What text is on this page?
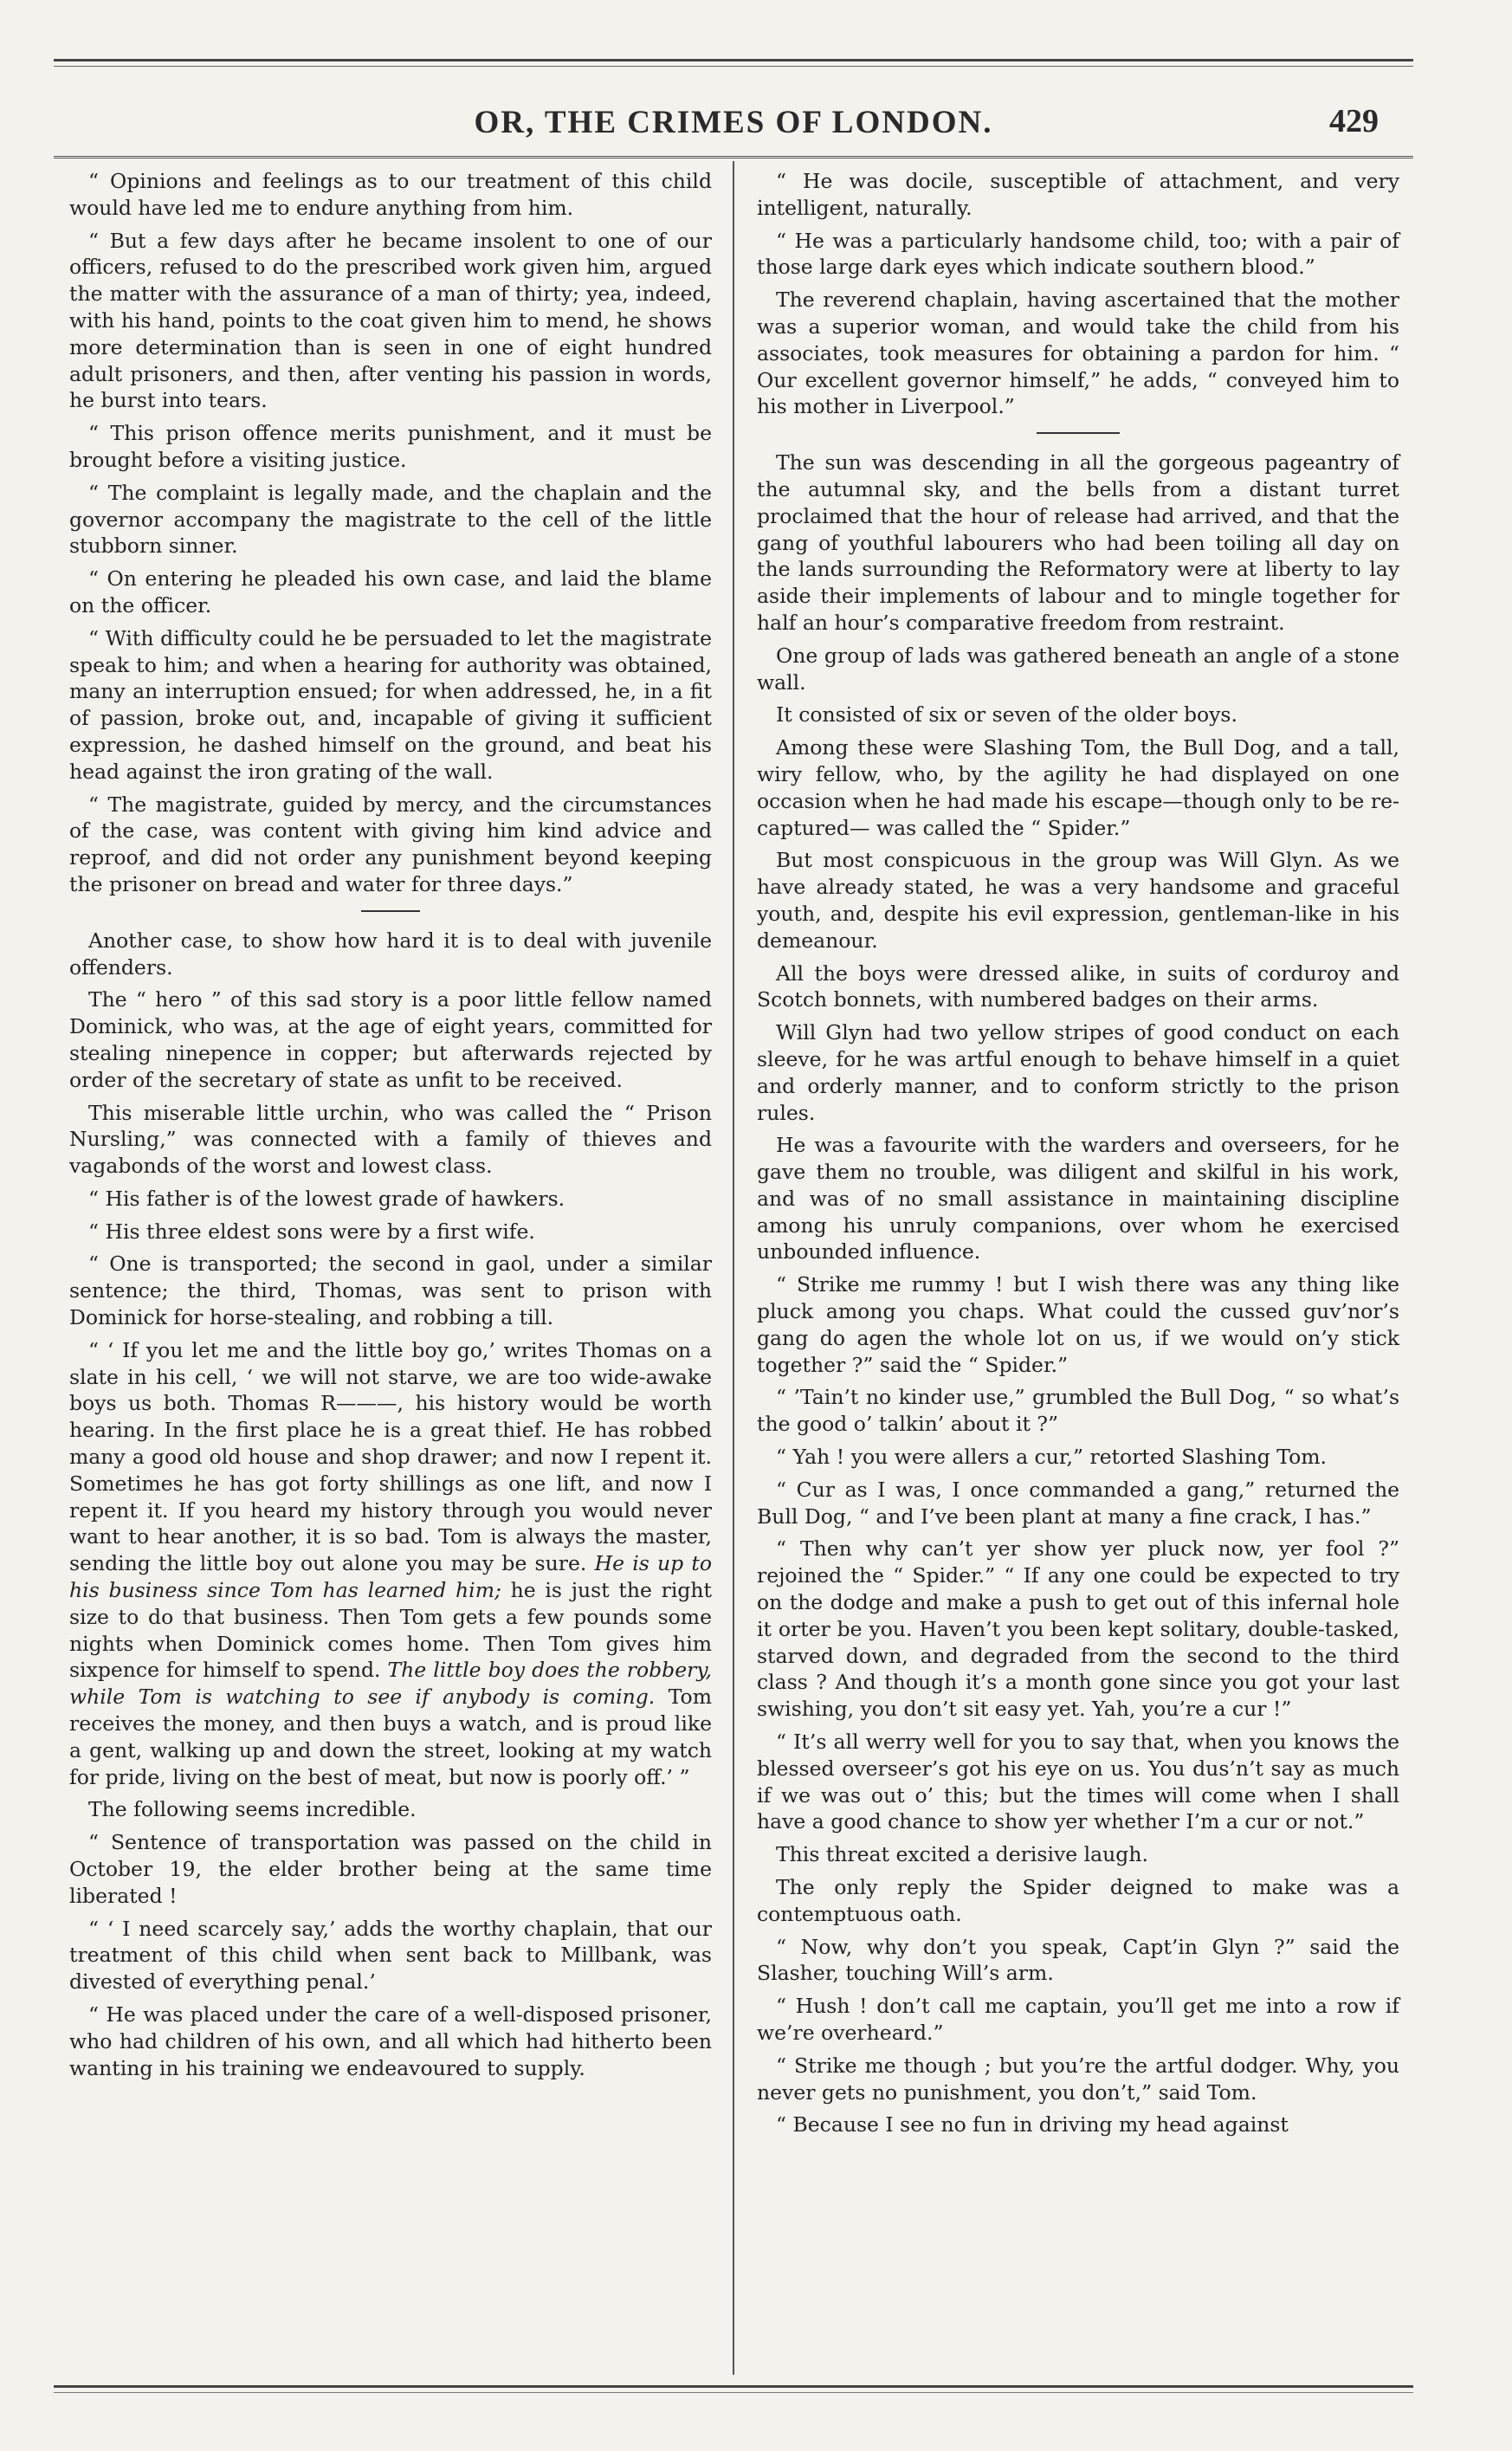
OR, THE CRIMES OF LONDON.	429

“ Opinions and feelings as to our treatment of this child would have led me to endure anything from him.

“ But a few days after he became insolent to one of our officers, refused to do the prescribed work given him, argued the matter with the assurance of a man of thirty; yea, indeed, with his hand, points to the coat given him to mend, he shows more determination than is seen in one of eight hundred adult prisoners, and then, after venting his passion in words, he burst into tears.

“ This prison offence merits punishment, and it must be brought before a visiting justice.

“ The complaint is legally made, and the chaplain and the governor accompany the magistrate to the cell of the little stubborn sinner.

“ On entering he pleaded his own case, and laid the blame on the officer.

“ With difficulty could he be persuaded to let the magistrate speak to him; and when a hearing for authority was obtained, many an interruption ensued; for when addressed, he, in a fit of passion, broke out, and, incapable of giving it sufficient expression, he dashed himself on the ground, and beat his head against the iron grating of the wall.

“ The magistrate, guided by mercy, and the circumstances of the case, was content with giving him kind advice and reproof, and did not order any punishment beyond keeping the prisoner on bread and water for three days.”

Another case, to show how hard it is to deal with juvenile offenders.

The “ hero ” of this sad story is a poor little fellow named Dominick, who was, at the age of eight years, committed for stealing ninepence in copper; but afterwards rejected by order of the secretary of state as unfit to be received.

This miserable little urchin, who was called the “ Prison Nursling,” was connected with a family of thieves and vagabonds of the worst and lowest class.

“ His father is of the lowest grade of hawkers.

“ His three eldest sons were by a first wife.

“ One is transported; the second in gaol, under a similar sentence; the third, Thomas, was sent to prison with Dominick for horse-stealing, and robbing a till.

“ ‘ If you let me and the little boy go,’ writes Thomas on a slate in his cell, ‘ we will not starve, we are too wide-awake boys us both. Thomas R———, his history would be worth hearing. In the first place he is a great thief. He has robbed many a good old house and shop drawer; and now I repent it. Sometimes he has got forty shillings as one lift, and now I repent it. If you heard my history through you would never want to hear another, it is so bad. Tom is always the master, sending the little boy out alone you may be sure. He is up to his business since Tom has learned him; he is just the right size to do that business. Then Tom gets a few pounds some nights when Dominick comes home. Then Tom gives him sixpence for himself to spend. The little boy does the robbery, while Tom is watching to see if anybody is coming. Tom receives the money, and then buys a watch, and is proud like a gent, walking up and down the street, looking at my watch for pride, living on the best of meat, but now is poorly off.’ ”

The following seems incredible.

“ Sentence of transportation was passed on the child in October 19, the elder brother being at the same time liberated !

“ ‘ I need scarcely say,’ adds the worthy chaplain, that our treatment of this child when sent back to Millbank, was divested of everything penal.’

“ He was placed under the care of a well-disposed prisoner, who had children of his own, and all which had hitherto been wanting in his training we endeavoured to supply.

“ He was docile, susceptible of attachment, and very intelligent, naturally.

“ He was a particularly handsome child, too; with a pair of those large dark eyes which indicate southern blood.”

The reverend chaplain, having ascertained that the mother was a superior woman, and would take the child from his associates, took measures for obtaining a pardon for him. “ Our excellent governor himself,” he adds, “ conveyed him to his mother in Liverpool.”

The sun was descending in all the gorgeous pageantry of the autumnal sky, and the bells from a distant turret proclaimed that the hour of release had arrived, and that the gang of youthful labourers who had been toiling all day on the lands surrounding the Reformatory were at liberty to lay aside their implements of labour and to mingle together for half an hour’s comparative freedom from restraint.

One group of lads was gathered beneath an angle of a stone wall.

It consisted of six or seven of the older boys.

Among these were Slashing Tom, the Bull Dog, and a tall, wiry fellow, who, by the agility he had displayed on one occasion when he had made his escape—though only to be re-captured— was called the “ Spider.”

But most conspicuous in the group was Will Glyn. As we have already stated, he was a very handsome and graceful youth, and, despite his evil expression, gentleman-like in his demeanour.

All the boys were dressed alike, in suits of corduroy and Scotch bonnets, with numbered badges on their arms.

Will Glyn had two yellow stripes of good conduct on each sleeve, for he was artful enough to behave himself in a quiet and orderly manner, and to conform strictly to the prison rules.

He was a favourite with the warders and overseers, for he gave them no trouble, was diligent and skilful in his work, and was of no small assistance in maintaining discipline among his unruly companions, over whom he exercised unbounded influence.

“ Strike me rummy ! but I wish there was any thing like pluck among you chaps. What could the cussed guv’nor’s gang do agen the whole lot on us, if we would on’y stick together ?” said the “ Spider.”

“ ’Tain’t no kinder use,” grumbled the Bull Dog, “ so what’s the good o’ talkin’ about it ?”

“ Yah ! you were allers a cur,” retorted Slashing Tom.

“ Cur as I was, I once commanded a gang,” returned the Bull Dog, “ and I’ve been plant at many a fine crack, I has.”

“ Then why can’t yer show yer pluck now, yer fool ?” rejoined the “ Spider.” “ If any one could be expected to try on the dodge and make a push to get out of this infernal hole it orter be you. Haven’t you been kept solitary, double-tasked, starved down, and degraded from the second to the third class ? And though it’s a month gone since you got your last swishing, you don’t sit easy yet. Yah, you’re a cur !”

“ It’s all werry well for you to say that, when you knows the blessed overseer’s got his eye on us. You dus’n’t say as much if we was out o’ this; but the times will come when I shall have a good chance to show yer whether I’m a cur or not.”

This threat excited a derisive laugh.

The only reply the Spider deigned to make was a contemptuous oath.

“ Now, why don’t you speak, Capt’in Glyn ?” said the Slasher, touching Will’s arm.

“ Hush ! don’t call me captain, you’ll get me into a row if we’re overheard.”

“ Strike me though ; but you’re the artful dodger. Why, you never gets no punishment, you don’t,” said Tom.

“ Because I see no fun in driving my head against
